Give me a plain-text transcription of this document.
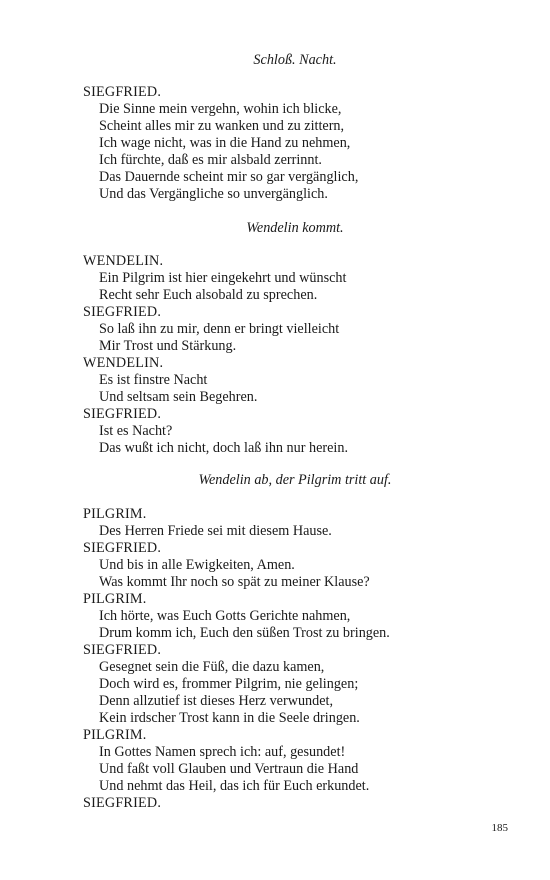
185
Schloß. Nacht.
SIEGFRIED.
Die Sinne mein vergehn, wohin ich blicke,
Scheint alles mir zu wanken und zu zittern,
Ich wage nicht, was in die Hand zu nehmen,
Ich fürchte, daß es mir alsbald zerrinnt.
Das Dauernde scheint mir so gar vergänglich,
Und das Vergängliche so unvergänglich.
Wendelin kommt.
WENDELIN.
Ein Pilgrim ist hier eingekehrt und wünscht
Recht sehr Euch alsobald zu sprechen.
SIEGFRIED.
So laß ihn zu mir, denn er bringt vielleicht
Mir Trost und Stärkung.
WENDELIN.
Es ist finstre Nacht
Und seltsam sein Begehren.
SIEGFRIED.
Ist es Nacht?
Das wußt ich nicht, doch laß ihn nur herein.
Wendelin ab, der Pilgrim tritt auf.
PILGRIM.
Des Herren Friede sei mit diesem Hause.
SIEGFRIED.
Und bis in alle Ewigkeiten, Amen.
Was kommt Ihr noch so spät zu meiner Klause?
PILGRIM.
Ich hörte, was Euch Gotts Gerichte nahmen,
Drum komm ich, Euch den süßen Trost zu bringen.
SIEGFRIED.
Gesegnet sein die Füß, die dazu kamen,
Doch wird es, frommer Pilgrim, nie gelingen;
Denn allzutief ist dieses Herz verwundet,
Kein irdscher Trost kann in die Seele dringen.
PILGRIM.
In Gottes Namen sprech ich: auf, gesundet!
Und faßt voll Glauben und Vertraun die Hand
Und nehmt das Heil, das ich für Euch erkundet.
SIEGFRIED.
